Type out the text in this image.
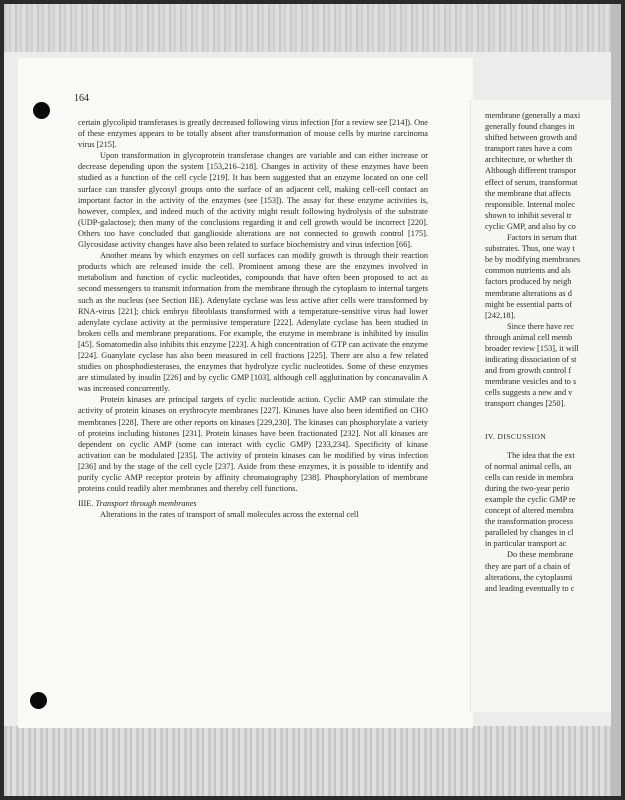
membrane (generally a maxi
generally found changes in
shifted between growth and
transport rates have a com
architecture, or whether th
Although different transpor
effect of serum, transformat
the membrane that affects
responsible. Internal molec
shown to inhibit several tr
cyclic GMP, and also by co
Factors in serum that
substrates. Thus, one way t
be by modifying membranes
common nutrients and als
factors produced by neigh
membrane alterations as d
might be essential parts of
[242,18].
Since there have rec
through animal cell memb
broader review [153], it will
indicating dissociation of st
and from growth control f
membrane vesicles and to s
cells suggests a new and v
transport changes [250].
IV. DISCUSSION
The idea that the ext
of normal animal cells, an
cells can reside in membra
during the two-year perio
example the cyclic GMP re
concept of altered membra
the transformation process
paralleled by changes in cl
in particular transport ac
Do these membrane
they are part of a chain of
alterations, the cytoplasmi
and leading eventually to c
164

certain glycolipid transferases is greatly decreased following virus infection [for a review see [214]). One of these enzymes appears to be totally absent after transformation of mouse cells by murine carcinoma virus [215].

Upon transformation in glycoprotein transferase changes are variable and can either increase or decrease depending upon the system [153,216–218]. Changes in activity of these enzymes have been studied as a function of the cell cycle [219]. It has been suggested that an enzyme located on one cell surface can transfer glycosyl groups onto the surface of an adjacent cell, making cell-cell contact an important factor in the activity of the enzymes (see [153]). The assay for these enzyme activities is, however, complex, and indeed much of the activity might result following hydrolysis of the substrate (UDP-galactose); then many of the conclusions regarding it and cell growth would be incorrect [220]. Others too have concluded that ganglioside alterations are not connected to growth control [175]. Glycosidase activity changes have also been related to surface biochemistry and virus infection [66].

Another means by which enzymes on cell surfaces can modify growth is through their reaction products which are released inside the cell. Prominent among these are the enzymes involved in metabolism and function of cyclic nucleotides, compounds that have often been proposed to act as second messengers to transmit information from the membrane through the cytoplasm to internal targets such as the nucleus (see Section IIE). Adenylate cyclase was less active after cells were transformed by RNA-virus [221]; chick embryo fibroblasts transformed with a temperature-sensitive virus had lower adenylate cyclase activity at the permissive temperature [222]. Adenylate cyclase has been studied in broken cells and membrane preparations. For example, the enzyme in membrane is inhibited by insulin [45]. Somatomedin also inhibits this enzyme [223]. A high concentration of GTP can activate the enzyme [224]. Guanylate cyclase has also been measured in cell fractions [225]. There are also a few related studies on phosphodiesterases, the enzymes that hydrolyze cyclic nucleotides. Some of these enzymes are stimulated by insulin [226] and by cyclic GMP [103], although cell agglutination by concanavalin A was increased concurrently.

Protein kinases are principal targets of cyclic nucleotide action. Cyclic AMP can stimulate the activity of protein kinases on erythrocyte membranes [227]. Kinases have also been identified on CHO membranes [228]. There are other reports on kinases [229,230]. The kinases can phosphorylate a variety of proteins including histones [231]. Protein kinases have been fractionated [232]. Not all kinases are dependent on cyclic AMP (some can interact with cyclic GMP) [233,234]. Specificity of kinase activation can be modulated [235]. The activity of protein kinases can be modified by virus infection [236] and by the stage of the cell cycle [237]. Aside from these enzymes, it is possible to identify and purify cyclic AMP receptor protein by affinity chromatography [238]. Phosphorylation of membrane proteins could readily alter membranes and thereby cell functions.

IIIE. Transport through membranes

Alterations in the rates of transport of small molecules across the external cell
